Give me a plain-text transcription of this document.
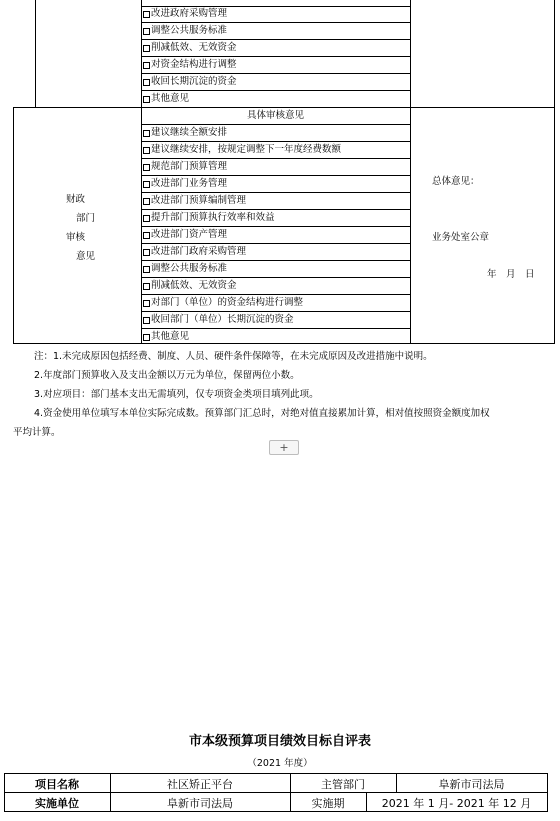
改进政府采购管理
调整公共服务标准
削减低效、无效资金
对资金结构进行调整
收回长期沉淀的资金
其他意见
财政
部门
审核
意见
具体审核意见
建议继续全额安排
建议继续安排，按规定调整下一年度经费数额
规范部门预算管理
改进部门业务管理
改进部门预算编制管理
提升部门预算执行效率和效益
改进部门资产管理
改进部门政府采购管理
调整公共服务标准
削减低效、无效资金
对部门（单位）的资金结构进行调整
收回部门（单位）长期沉淀的资金
其他意见
总体意见：
业务处室公章
年　月　日
注：1.未完成原因包括经费、制度、人员、硬件条件保障等，在未完成原因及改进措施中说明。
2.年度部门预算收入及支出金额以万元为单位，保留两位小数。
3.对应项目：部门基本支出无需填列，仅专项资金类项目填列此项。
4.资金使用单位填写本单位实际完成数。预算部门汇总时，对绝对值直接累加计算，相对值按照资金额度加权
平均计算。
+
市本级预算项目绩效目标自评表
（2021 年度）
项目名称	社区矫正平台	主管部门	阜新市司法局
实施单位	阜新市司法局	实施期	2021 年 1 月- 2021 年 12 月
